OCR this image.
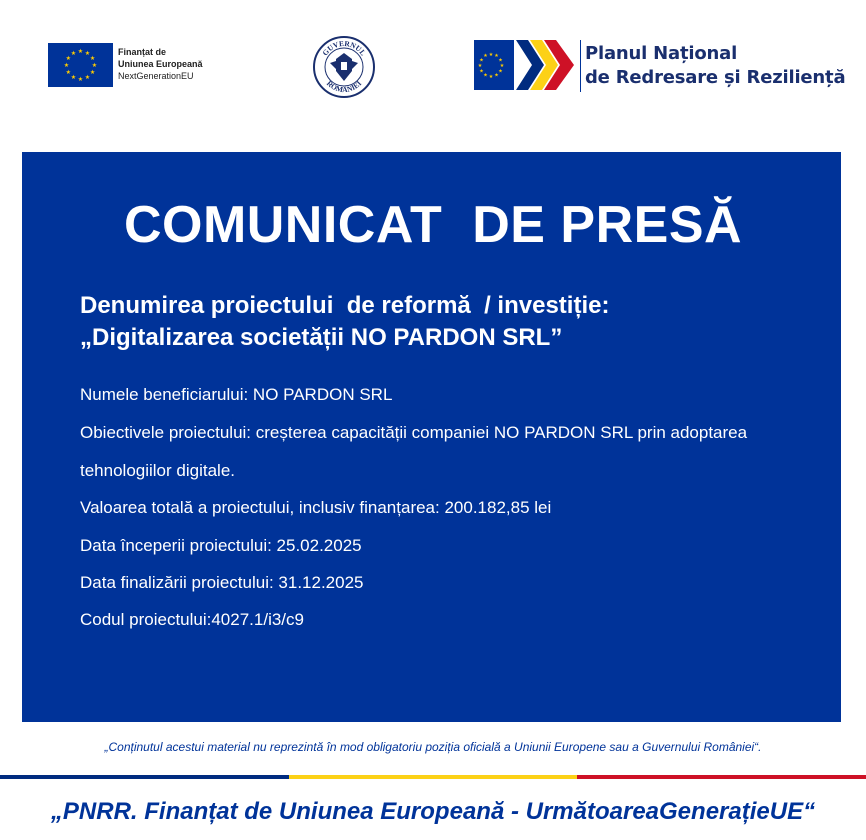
★ ★
★
★
★
★
★
★
★
★
★
★	Finanțat de
Uniunea Europeană
NextGenerationEU
GUVERNUL
ROMÂNIEI
★ ★
★
★
★
★
★
★
★
★
★
★	Planul Național
de Redresare și Reziliență
COMUNICAT  DE PRESĂ
Denumirea proiectului  de reformă  / investiție:
„Digitalizarea societății NO PARDON SRL”
Numele beneficiarului: NO PARDON SRL
Obiectivele proiectului: creșterea capacității companiei NO PARDON SRL prin adoptarea
tehnologiilor digitale.
Valoarea totală a proiectului, inclusiv finanțarea: 200.182,85 lei
Data începerii proiectului: 25.02.2025
Data finalizării proiectului: 31.12.2025
Codul proiectului:4027.1/i3/c9
„Conținutul acestui material nu reprezintă în mod obligatoriu poziția oficială a Uniunii Europene sau a Guvernului României“.
„PNRR. Finanțat de Uniunea Europeană - UrmătoareaGenerațieUE“
